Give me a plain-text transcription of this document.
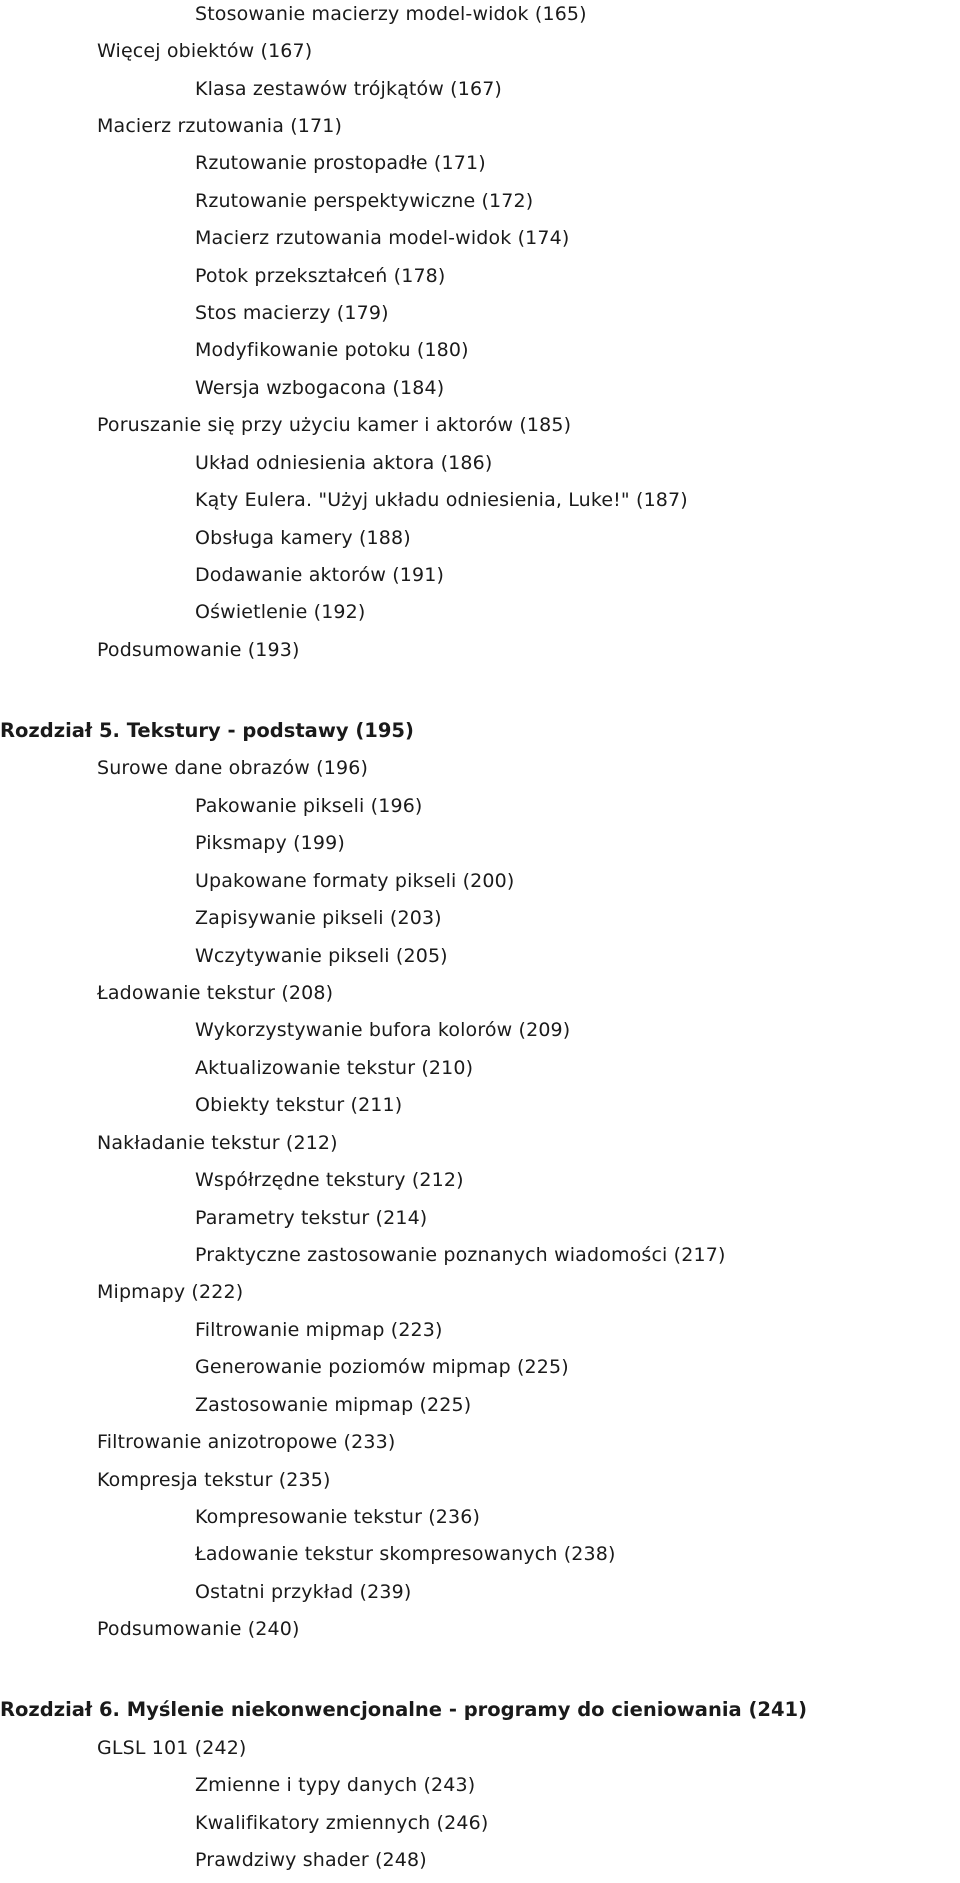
Stosowanie macierzy model-widok (165)
Więcej obiektów (167)
Klasa zestawów trójkątów (167)
Macierz rzutowania (171)
Rzutowanie prostopadłe (171)
Rzutowanie perspektywiczne (172)
Macierz rzutowania model-widok (174)
Potok przekształceń (178)
Stos macierzy (179)
Modyfikowanie potoku (180)
Wersja wzbogacona (184)
Poruszanie się przy użyciu kamer i aktorów (185)
Układ odniesienia aktora (186)
Kąty Eulera. "Użyj układu odniesienia, Luke!" (187)
Obsługa kamery (188)
Dodawanie aktorów (191)
Oświetlenie (192)
Podsumowanie (193)
Rozdział 5. Tekstury - podstawy (195)
Surowe dane obrazów (196)
Pakowanie pikseli (196)
Piksmapy (199)
Upakowane formaty pikseli (200)
Zapisywanie pikseli (203)
Wczytywanie pikseli (205)
Ładowanie tekstur (208)
Wykorzystywanie bufora kolorów (209)
Aktualizowanie tekstur (210)
Obiekty tekstur (211)
Nakładanie tekstur (212)
Współrzędne tekstury (212)
Parametry tekstur (214)
Praktyczne zastosowanie poznanych wiadomości (217)
Mipmapy (222)
Filtrowanie mipmap (223)
Generowanie poziomów mipmap (225)
Zastosowanie mipmap (225)
Filtrowanie anizotropowe (233)
Kompresja tekstur (235)
Kompresowanie tekstur (236)
Ładowanie tekstur skompresowanych (238)
Ostatni przykład (239)
Podsumowanie (240)
Rozdział 6. Myślenie niekonwencjonalne - programy do cieniowania (241)
GLSL 101 (242)
Zmienne i typy danych (243)
Kwalifikatory zmiennych (246)
Prawdziwy shader (248)
